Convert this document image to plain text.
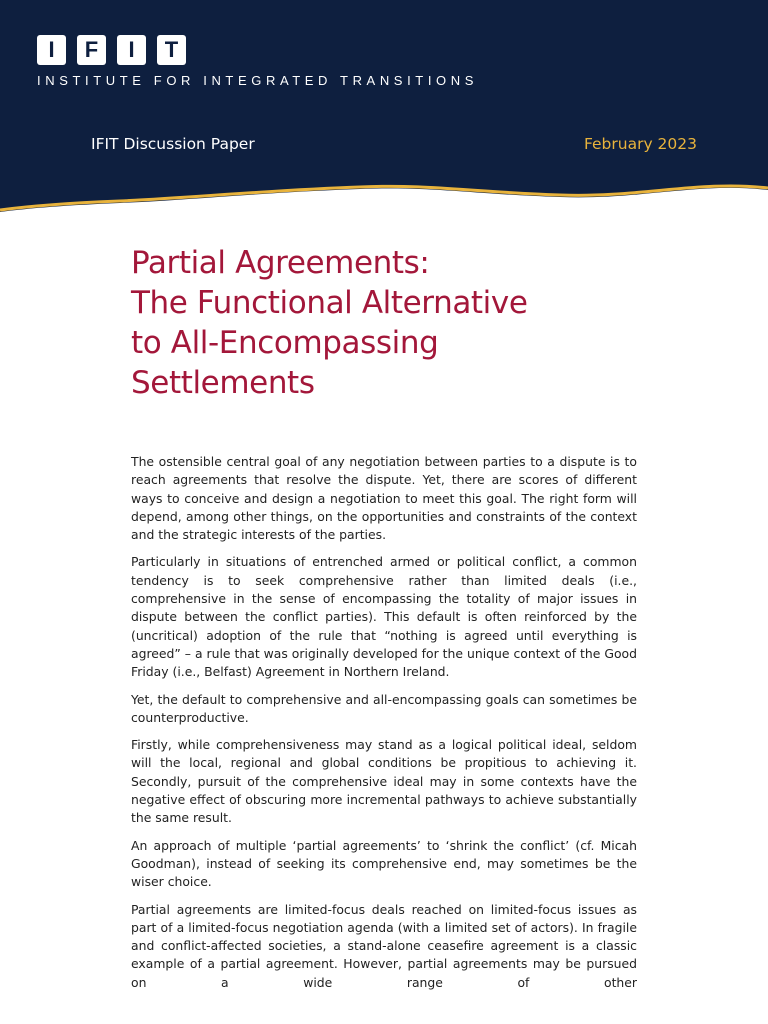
I	F	I	T
INSTITUTE FOR INTEGRATED TRANSITIONS
IFIT Discussion Paper	February 2023
Partial Agreements:
The Functional Alternative
to All-Encompassing
Settlements

The ostensible central goal of any negotiation between parties to a dispute is to reach agreements that resolve the dispute. Yet, there are scores of different ways to conceive and design a negotiation to meet this goal. The right form will depend, among other things, on the opportunities and constraints of the context and the strategic interests of the parties.

Particularly in situations of entrenched armed or political conflict, a common tendency is to seek comprehensive rather than limited deals (i.e., comprehensive in the sense of encompassing the totality of major issues in dispute between the conflict parties). This default is often reinforced by the (uncritical) adoption of the rule that “nothing is agreed until everything is agreed” – a rule that was originally developed for the unique context of the Good Friday (i.e., Belfast) Agreement in Northern Ireland.

Yet, the default to comprehensive and all-encompassing goals can sometimes be counterproductive.

Firstly, while comprehensiveness may stand as a logical political ideal, seldom will the local, regional and global conditions be propitious to achieving it. Secondly, pursuit of the comprehensive ideal may in some contexts have the negative effect of obscuring more incremental pathways to achieve substantially the same result.

An approach of multiple ‘partial agreements’ to ‘shrink the conflict’ (cf. Micah Goodman), instead of seeking its comprehensive end, may sometimes be the wiser choice.

Partial agreements are limited-focus deals reached on limited-focus issues as part of a limited-focus negotiation agenda (with a limited set of actors). In fragile and conflict-affected societies, a stand-alone ceasefire agreement is a classic example of a partial agreement. However, partial agreements may be pursued on a wide range of other
